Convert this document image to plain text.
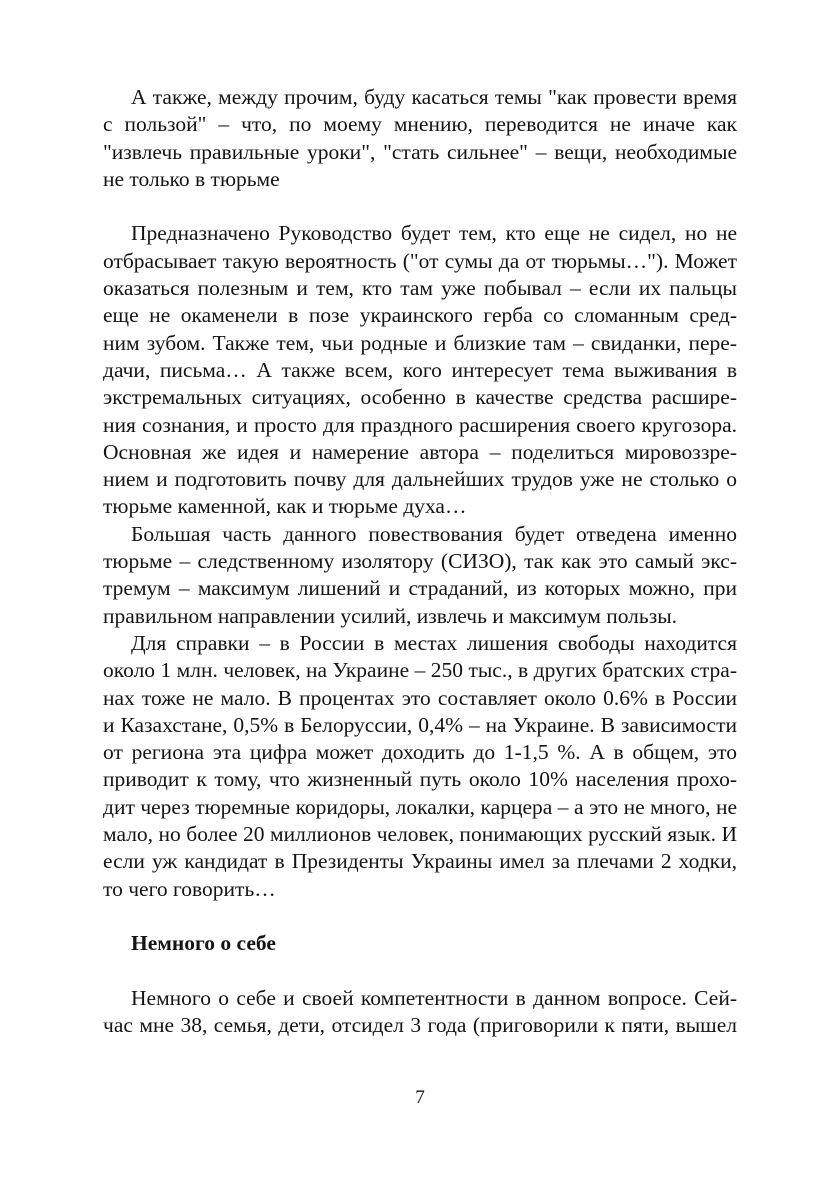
А также, между прочим, буду касаться темы "как провести время
с пользой" – что, по моему мнению, переводится не иначе как
"извлечь правильные уроки", "стать сильнее" – вещи, необходимые
не только в тюрьме
Предназначено Руководство будет тем, кто еще не сидел, но не
отбрасывает такую вероятность ("от сумы да от тюрьмы…"). Может
оказаться полезным и тем, кто там уже побывал – если их пальцы
еще не окаменели в позе украинского герба со сломанным сред-
ним зубом. Также тем, чьи родные и близкие там – свиданки, пере-
дачи, письма… А также всем, кого интересует тема выживания в
экстремальных ситуациях, особенно в качестве средства расшире-
ния сознания, и просто для праздного расширения своего кругозора.
Основная же идея и намерение автора – поделиться мировоззре-
нием и подготовить почву для дальнейших трудов уже не столько о
тюрьме каменной, как и тюрьме духа…
Большая часть данного повествования будет отведена именно
тюрьме – следственному изолятору (СИЗО), так как это самый экс-
тремум – максимум лишений и страданий, из которых можно, при
правильном направлении усилий, извлечь и максимум пользы.
Для справки – в России в местах лишения свободы находится
около 1 млн. человек, на Украине – 250 тыс., в других братских стра-
нах тоже не мало. В процентах это составляет около 0.6% в России
и Казахстане, 0,5% в Белоруссии, 0,4% – на Украине. В зависимости
от региона эта цифра может доходить до 1-1,5 %. А в общем, это
приводит к тому, что жизненный путь около 10% населения прохо-
дит через тюремные коридоры, локалки, карцера – а это не много, не
мало, но более 20 миллионов человек, понимающих русский язык. И
если уж кандидат в Президенты Украины имел за плечами 2 ходки,
то чего говорить…
Немного о себе
Немного о себе и своей компетентности в данном вопросе. Сей-
час мне 38, семья, дети, отсидел 3 года (приговорили к пяти, вышел
7
